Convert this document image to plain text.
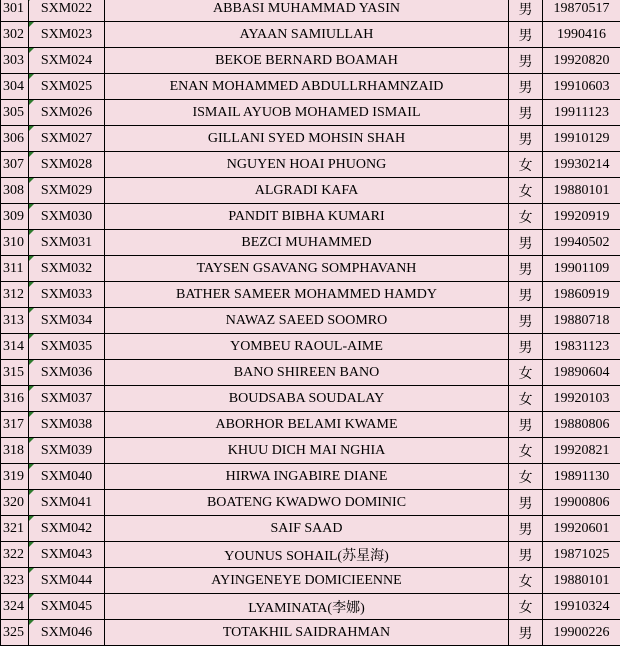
301	SXM022	ABBASI MUHAMMAD YASIN	男	19870517
302	SXM023	AYAAN SAMIULLAH	男	1990416
303	SXM024	BEKOE BERNARD BOAMAH	男	19920820
304	SXM025	ENAN MOHAMMED ABDULLRHAMNZAID	男	19910603
305	SXM026	ISMAIL AYUOB MOHAMED ISMAIL	男	19911123
306	SXM027	GILLANI SYED MOHSIN SHAH	男	19910129
307	SXM028	NGUYEN HOAI PHUONG	女	19930214
308	SXM029	ALGRADI KAFA	女	19880101
309	SXM030	PANDIT BIBHA KUMARI	女	19920919
310	SXM031	BEZCI MUHAMMED	男	19940502
311	SXM032	TAYSEN GSAVANG SOMPHAVANH	男	19901109
312	SXM033	BATHER SAMEER MOHAMMED HAMDY	男	19860919
313	SXM034	NAWAZ SAEED SOOMRO	男	19880718
314	SXM035	YOMBEU RAOUL-AIME	男	19831123
315	SXM036	BANO SHIREEN BANO	女	19890604
316	SXM037	BOUDSABA SOUDALAY	女	19920103
317	SXM038	ABORHOR BELAMI KWAME	男	19880806
318	SXM039	KHUU DICH MAI NGHIA	女	19920821
319	SXM040	HIRWA INGABIRE DIANE	女	19891130
320	SXM041	BOATENG KWADWO DOMINIC	男	19900806
321	SXM042	SAIF SAAD	男	19920601
322	SXM043	YOUNUS SOHAIL(苏星海)	男	19871025
323	SXM044	AYINGENEYE DOMICIEENNE	女	19880101
324	SXM045	LYAMINATA(李娜)	女	19910324
325	SXM046	TOTAKHIL SAIDRAHMAN	男	19900226
